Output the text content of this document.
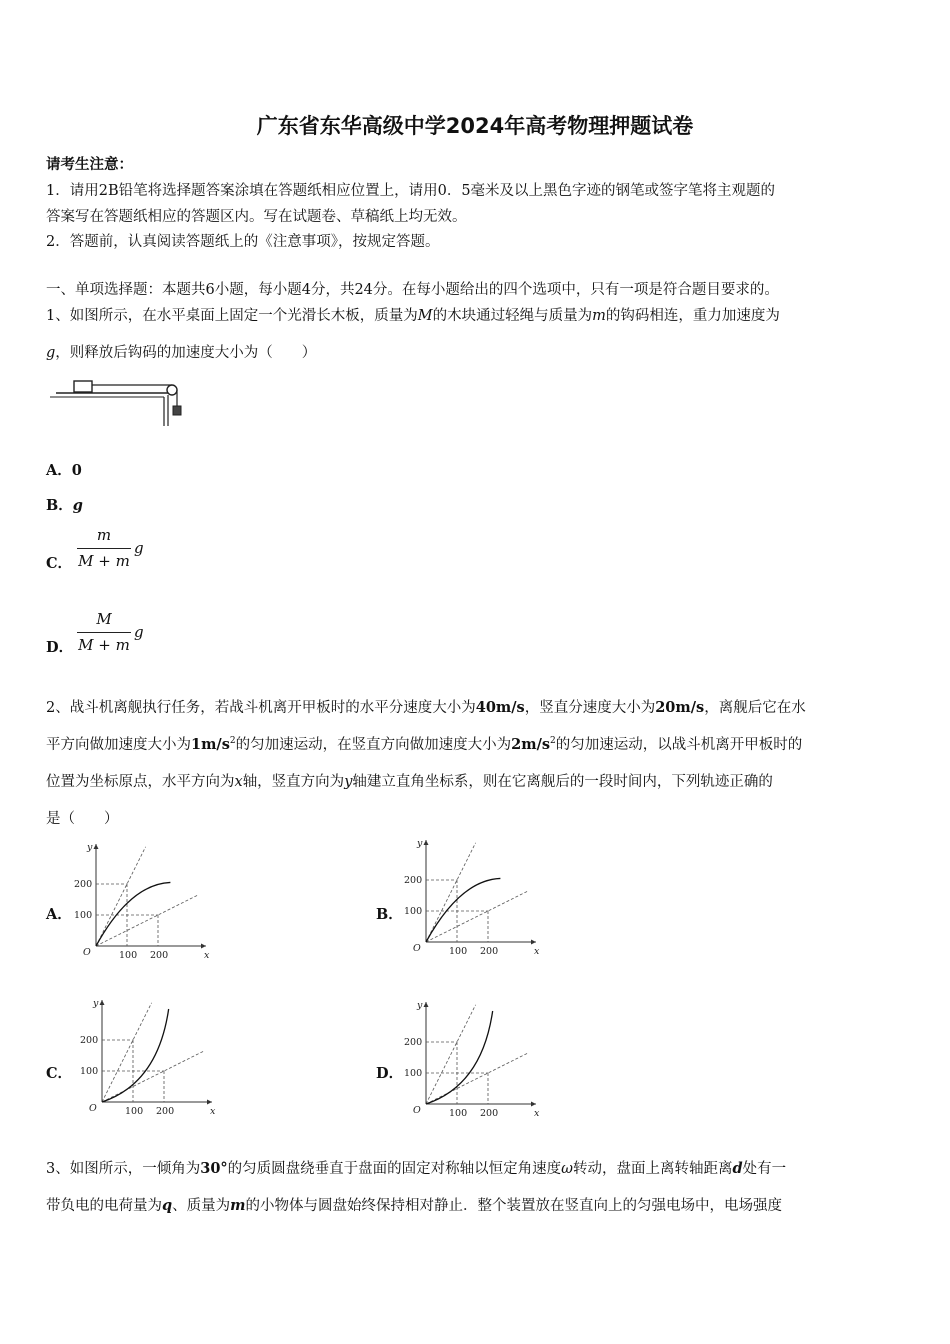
广东省东华高级中学2024年高考物理押题试卷
请考生注意：
1．请用2B铅笔将选择题答案涂填在答题纸相应位置上，请用0．5毫米及以上黑色字迹的钢笔或签字笔将主观题的
答案写在答题纸相应的答题区内。写在试题卷、草稿纸上均无效。
2．答题前，认真阅读答题纸上的《注意事项》，按规定答题。
一、单项选择题：本题共6小题，每小题4分，共24分。在每小题给出的四个选项中，只有一项是符合题目要求的。
1、如图所示，在水平桌面上固定一个光滑长木板，质量为M的木块通过轻绳与质量为m的钩码相连，重力加速度为
g，则释放后钩码的加速度大小为（　　）
A．0
B．g
C．
m
M + m
g
D．
M
M + m
g
2、战斗机离舰执行任务，若战斗机离开甲板时的水平分速度大小为40m/s，竖直分速度大小为20m/s，离舰后它在水
平方向做加速度大小为$1m/s^2$的匀加速运动，在竖直方向做加速度大小为$2m/s^2$的匀加速运动，以战斗机离开甲板时的
位置为坐标原点，水平方向为x轴，竖直方向为y轴建立直角坐标系，则在它离舰后的一段时间内，下列轨迹正确的
是（　　）
A．	B．
C．	D．
y
x
O
200
100
100 200
y
x
O
200
100
100 200
y
x
O
200
100
100 200
y
x
O
200
100
100 200
3、如图所示，一倾角为30°的匀质圆盘绕垂直于盘面的固定对称轴以恒定角速度ω转动，盘面上离转轴距离d处有一
带负电的电荷量为q、质量为m的小物体与圆盘始终保持相对静止．整个装置放在竖直向上的匀强电场中，电场强度
